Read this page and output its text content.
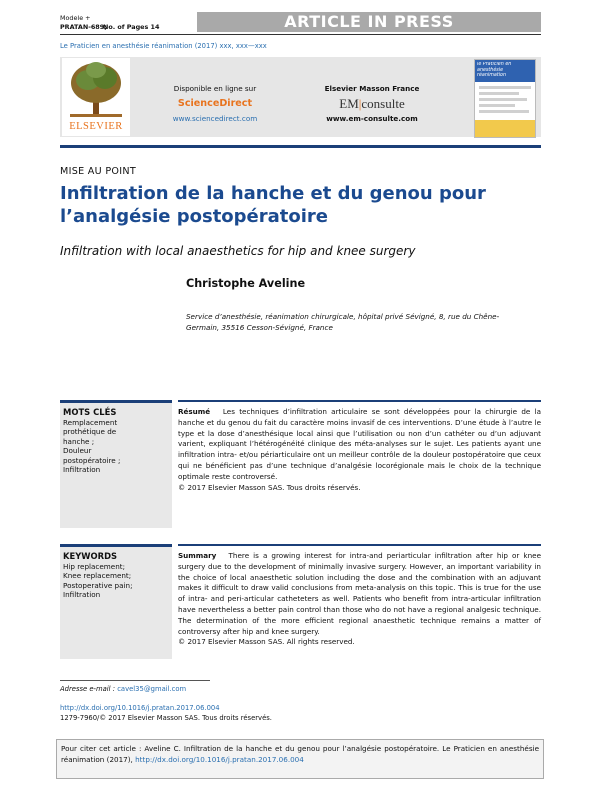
Modele +
PRATAN-689;
No. of Pages 14	ARTICLE IN PRESS
Le Praticien en anesthésie réanimation (2017) xxx, xxx—xxx
ELSEVIER
Disponible en ligne sur
ScienceDirect
www.sciencedirect.com
Elsevier Masson France
EM|consulte
www.em-consulte.com
le Praticien en anesthésie réanimation
MISE AU POINT
Infiltration de la hanche et du genou pour l’analgésie postopératoire
Infiltration with local anaesthetics for hip and knee surgery
Christophe Aveline
Service d’anesthésie, réanimation chirurgicale, hôpital privé Sévigné, 8, rue du Chêne-Germain, 35516 Cesson-Sévigné, France
MOTS CLÉS
Remplacement
prothétique de
hanche ;
Douleur
postopératoire ;
Infiltration

Résumé Les techniques d’infiltration articulaire se sont développées pour la chirurgie de la hanche et du genou du fait du caractère moins invasif de ces interventions. D’une étude à l’autre le type et la dose d’anesthésique local ainsi que l’utilisation ou non d’un cathéter ou d’un adjuvant varient, expliquant l’hétérogénéité clinique des méta-analyses sur le sujet. Les patients ayant une infiltration intra- et/ou périarticulaire ont un meilleur contrôle de la douleur postopératoire que ceux qui ne bénéficient pas d’une technique d’analgésie locorégionale mais le choix de la technique optimale reste controversé.

© 2017 Elsevier Masson SAS. Tous droits réservés.

KEYWORDS
Hip replacement;
Knee replacement;
Postoperative pain;
Infiltration

Summary There is a growing interest for intra-and periarticular infiltration after hip or knee surgery due to the development of minimally invasive surgery. However, an important variability in the choice of local anaesthetic solution including the dose and the combination with an adjuvant makes it difficult to draw valid conclusions from meta-analysis on this topic. This is true for the use of intra- and peri-articular catheteters as well. Patients who benefit from intra-articular infiltration have nevertheless a better pain control than those who do not have a regional analgesic technique. The determination of the more efficient regional anaesthetic technique remains a matter of controversy after hip and knee surgery.

© 2017 Elsevier Masson SAS. All rights reserved.

Adresse e-mail : cavel35@gmail.com
http://dx.doi.org/10.1016/j.pratan.2017.06.004
1279-7960/© 2017 Elsevier Masson SAS. Tous droits réservés.
Pour citer cet article : Aveline C. Infiltration de la hanche et du genou pour l’analgésie postopératoire. Le Praticien en anesthésie réanimation (2017), http://dx.doi.org/10.1016/j.pratan.2017.06.004
